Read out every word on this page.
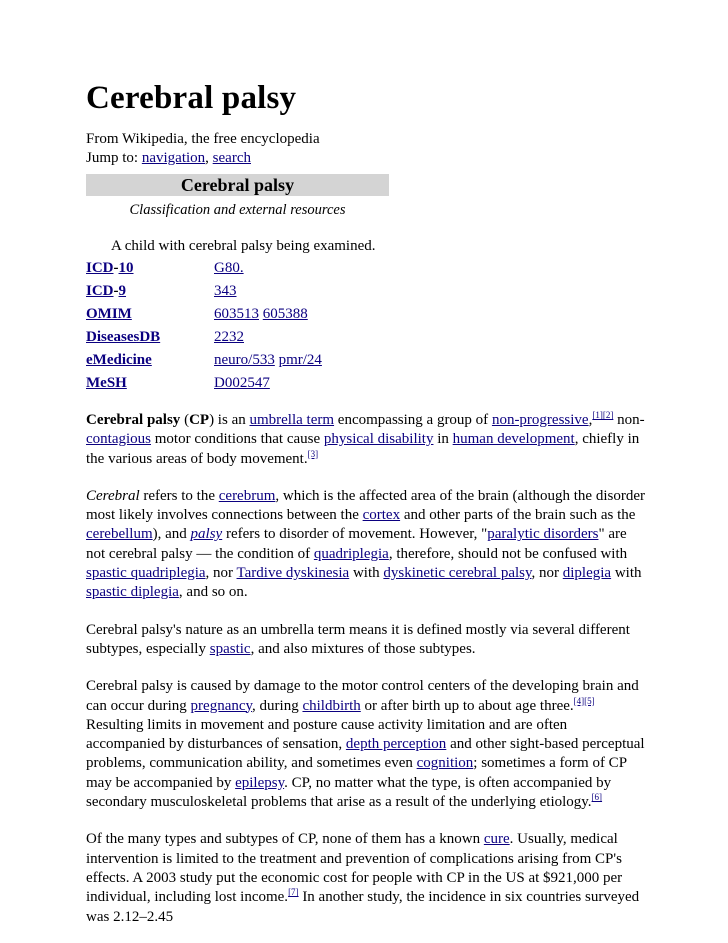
Cerebral palsy
From Wikipedia, the free encyclopedia
Jump to: navigation, search
Cerebral palsy
Classification and external resources
A child with cerebral palsy being examined.
ICD-10	G80.
ICD-9	343
OMIM	603513 605388
DiseasesDB	2232
eMedicine	neuro/533 pmr/24
MeSH	D002547

Cerebral palsy (CP) is an umbrella term encompassing a group of non-progressive,[1][2] non-contagious motor conditions that cause physical disability in human development, chiefly in the various areas of body movement.[3]

Cerebral refers to the cerebrum, which is the affected area of the brain (although the disorder most likely involves connections between the cortex and other parts of the brain such as the cerebellum), and palsy refers to disorder of movement. However, "paralytic disorders" are not cerebral palsy — the condition of quadriplegia, therefore, should not be confused with spastic quadriplegia, nor Tardive dyskinesia with dyskinetic cerebral palsy, nor diplegia with spastic diplegia, and so on.

Cerebral palsy's nature as an umbrella term means it is defined mostly via several different subtypes, especially spastic, and also mixtures of those subtypes.

Cerebral palsy is caused by damage to the motor control centers of the developing brain and can occur during pregnancy, during childbirth or after birth up to about age three.[4][5] Resulting limits in movement and posture cause activity limitation and are often accompanied by disturbances of sensation, depth perception and other sight-based perceptual problems, communication ability, and sometimes even cognition; sometimes a form of CP may be accompanied by epilepsy. CP, no matter what the type, is often accompanied by secondary musculoskeletal problems that arise as a result of the underlying etiology.[6]

Of the many types and subtypes of CP, none of them has a known cure. Usually, medical intervention is limited to the treatment and prevention of complications arising from CP's effects. A 2003 study put the economic cost for people with CP in the US at $921,000 per individual, including lost income.[7] In another study, the incidence in six countries surveyed was 2.12–2.45
